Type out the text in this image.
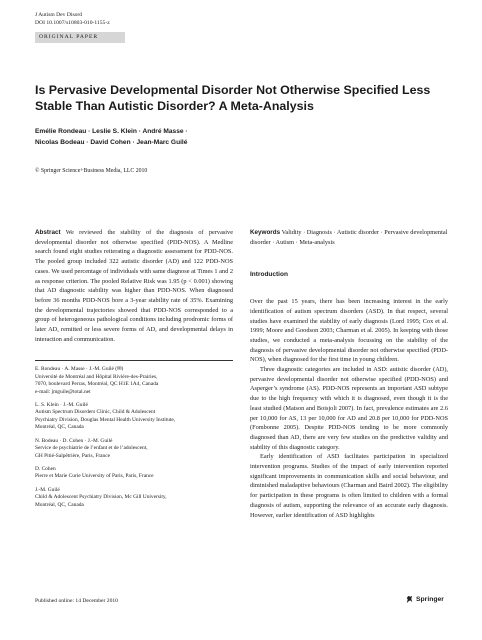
J Autism Dev Disord
DOI 10.1007/s10803-010-1155-z
ORIGINAL PAPER
Is Pervasive Developmental Disorder Not Otherwise Specified Less Stable Than Autistic Disorder? A Meta-Analysis
Emélie Rondeau · Leslie S. Klein · André Masse ·
Nicolas Bodeau · David Cohen · Jean-Marc Guilé
© Springer Science+Business Media, LLC 2010

Abstract We reviewed the stability of the diagnosis of pervasive developmental disorder not otherwise specified (PDD-NOS). A Medline search found eight studies reiterating a diagnostic assessment for PDD-NOS. The pooled group included 322 autistic disorder (AD) and 122 PDD-NOS cases. We used percentage of individuals with same diagnose at Times 1 and 2 as response criterion. The pooled Relative Risk was 1.95 (p < 0.001) showing that AD diagnostic stability was higher than PDD-NOS. When diagnosed before 36 months PDD-NOS bore a 3-year stability rate of 35%. Examining the developmental trajectories showed that PDD-NOS corresponded to a group of heterogeneous pathological conditions including prodromic forms of later AD, remitted or less severe forms of AD, and developmental delays in interaction and communication.

E. Rondeau · A. Masse · J.-M. Guilé (✉)
Université de Montréal and Hôpital Rivière-des-Prairies,
7070, boulevard Perras, Montréal, QC H1E 1A4, Canada
e-mail: jmguile@total.net
L. S. Klein · J.-M. Guilé
Autism Spectrum Disorders Clinic, Child & Adolescent
Psychiatry Division, Douglas Mental Health University Institute,
Montréal, QC, Canada
N. Bodeau · D. Cohen · J.-M. Guilé
Service de psychiatrie de l’enfant et de l’adolescent,
GH Pitié-Salpêtrière, Paris, France
D. Cohen
Pierre et Marie Curie University of Paris, Paris, France
J.-M. Guilé
Child & Adolescent Psychiatry Division, Mc Gill University,
Montréal, QC, Canada

Keywords Validity · Diagnosis · Autistic disorder · Pervasive developmental disorder · Autism · Meta-analysis

Introduction

Over the past 15 years, there has been increasing interest in the early identification of autism spectrum disorders (ASD). In that respect, several studies have examined the stability of early diagnosis (Lord 1995; Cox et al. 1999; Moore and Goodson 2003; Charman et al. 2005). In keeping with those studies, we conducted a meta-analysis focussing on the stability of the diagnosis of pervasive developmental disorder not otherwise specified (PDD-NOS), when diagnosed for the first time in young children.

Three diagnostic categories are included in ASD: autistic disorder (AD), pervasive developmental disorder not otherwise specified (PDD-NOS) and Asperger’s syndrome (AS). PDD-NOS represents an important ASD subtype due to the high frequency with which it is diagnosed, even though it is the least studied (Matson and Boisjoli 2007). In fact, prevalence estimates are 2.6 per 10,000 for AS, 13 per 10,000 for AD and 20.8 per 10,000 for PDD-NOS (Fombonne 2005). Despite PDD-NOS tending to be more commonly diagnosed than AD, there are very few studies on the predictive validity and stability of this diagnostic category.

Early identification of ASD facilitates participation in specialized intervention programs. Studies of the impact of early intervention reported significant improvements in communication skills and social behaviour, and diminished maladaptive behaviours (Charman and Baird 2002). The eligibility for participation in these programs is often limited to children with a formal diagnosis of autism, supporting the relevance of an accurate early diagnosis. However, earlier identification of ASD highlights

Published online: 14 December 2010	Springer
